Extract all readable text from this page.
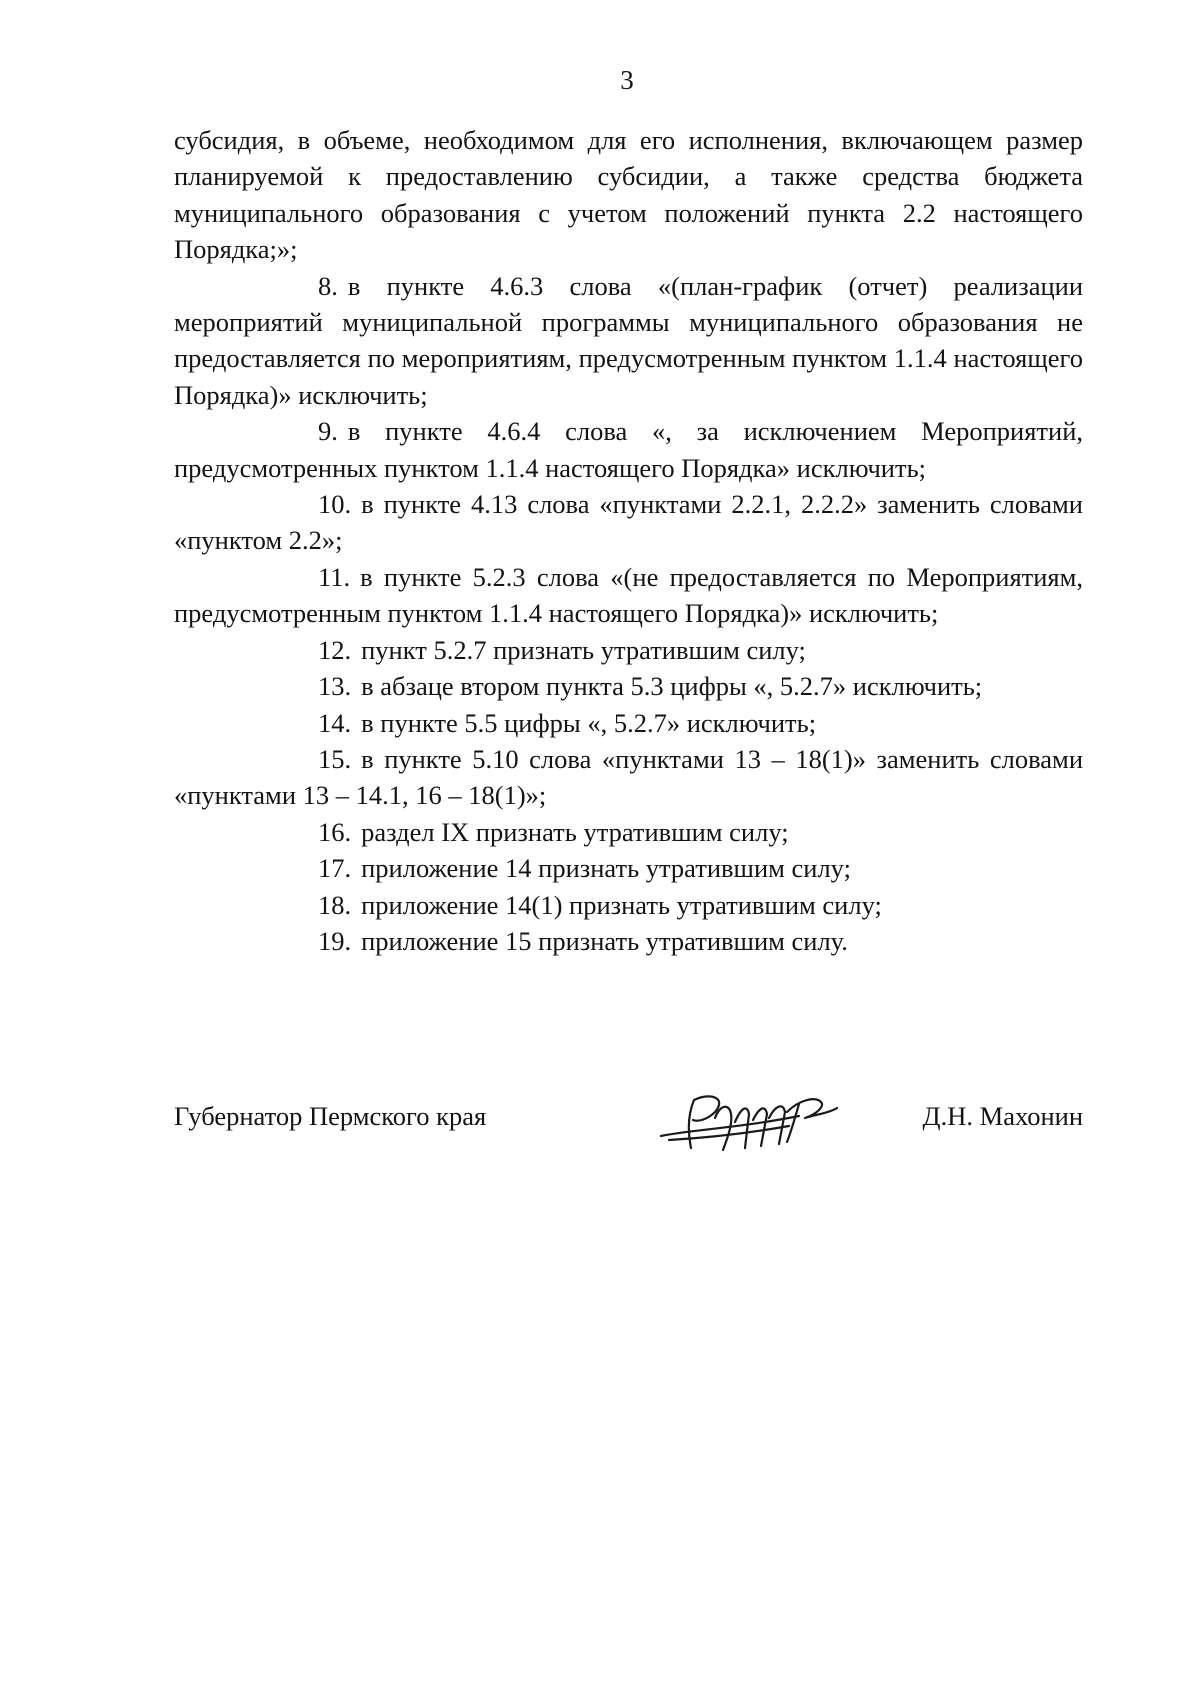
3

субсидия, в объеме, необходимом для его исполнения, включающем размер планируемой к предоставлению субсидии, а также средства бюджета муниципального образования с учетом положений пункта 2.2 настоящего Порядка;»;

8. в пункте 4.6.3 слова «(план-график (отчет) реализации мероприятий муниципальной программы муниципального образования не предоставляется по мероприятиям, предусмотренным пунктом 1.1.4 настоящего Порядка)» исключить;

9. в пункте 4.6.4 слова «, за исключением Мероприятий, предусмотренных пунктом 1.1.4 настоящего Порядка» исключить;

10. в пункте 4.13 слова «пунктами 2.2.1, 2.2.2» заменить словами «пунктом 2.2»;

11. в пункте 5.2.3 слова «(не предоставляется по Мероприятиям, предусмотренным пунктом 1.1.4 настоящего Порядка)» исключить;

12. пункт 5.2.7 признать утратившим силу;

13. в абзаце втором пункта 5.3 цифры «, 5.2.7» исключить;

14. в пункте 5.5 цифры «, 5.2.7» исключить;

15. в пункте 5.10 слова «пунктами 13 – 18(1)» заменить словами «пунктами 13 – 14.1, 16 – 18(1)»;

16. раздел IX признать утратившим силу;

17. приложение 14 признать утратившим силу;

18. приложение 14(1) признать утратившим силу;

19. приложение 15 признать утратившим силу.

Губернатор Пермского края	Д.Н. Махонин
